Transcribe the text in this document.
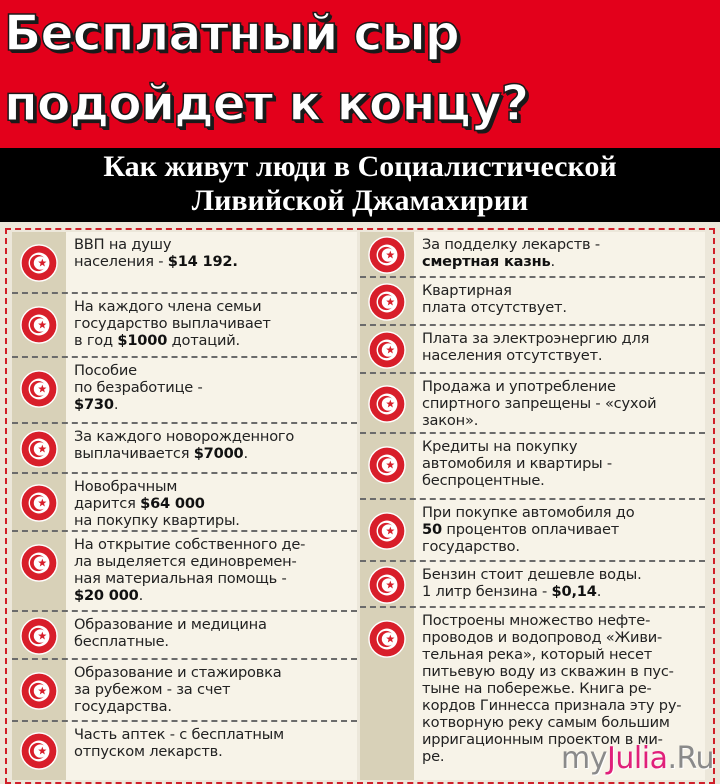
Бесплатный сыр
подойдет к концу?
Как живут люди в Социалистической
Ливийской Джамахирии
ВВП на душу
населения - $14 192.
На каждого члена семьи
государство выплачивает
в год $1000 дотаций.
Пособие
по безработице -
$730.
За каждого новорожденного
выплачивается $7000.
Новобрачным
дарится $64 000
на покупку квартиры.
На открытие собственного де-
ла выделяется единовремен-
ная материальная помощь -
$20 000.
Образование и медицина
бесплатные.
Образование и стажировка
за рубежом - за счет
государства.
Часть аптек - с бесплатным
отпуском лекарств.
За подделку лекарств -
смертная казнь.
Квартирная
плата отсутствует.
Плата за электроэнергию для
населения отсутствует.
Продажа и употребление
спиртного запрещены - «сухой
закон».
Кредиты на покупку
автомобиля и квартиры -
беспроцентные.
При покупке автомобиля до
50 процентов оплачивает
государство.
Бензин стоит дешевле воды.
1 литр бензина - $0,14.
Построены множество нефте-
проводов и водопровод «Живи-
тельная река», который несет
питьевую воду из скважин в пус-
тыне на побережье. Книга ре-
кордов Гиннесса признала эту ру-
котворную реку самым большим
ирригационным проектом в ми-
ре.	myJulia.Ru
